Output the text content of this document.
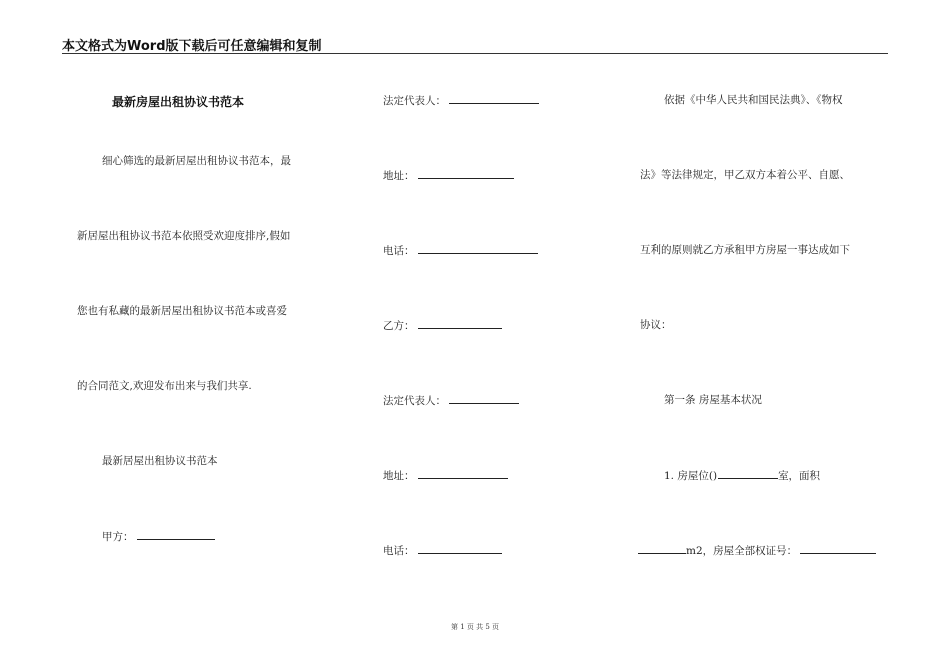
本文格式为Word版下载后可任意编辑和复制
最新房屋出租协议书范本
细心筛选的最新居屋出租协议书范本，最
新居屋出租协议书范本依照受欢迎度排序,假如
您也有私藏的最新居屋出租协议书范本或喜爱
的合同范文,欢迎发布出来与我们共享.
最新居屋出租协议书范本
甲方：
法定代表人：
地址：
电话：
乙方：
法定代表人：
地址：
电话：
依据《中华人民共和国民法典》、《物权
法》等法律规定，甲乙双方本着公平、自愿、
互利的原则就乙方承租甲方房屋一事达成如下
协议：
第一条 房屋基本状况
1. 房屋位()	室，面积
m2，房屋全部权证号：
第 1 页 共 5 页
